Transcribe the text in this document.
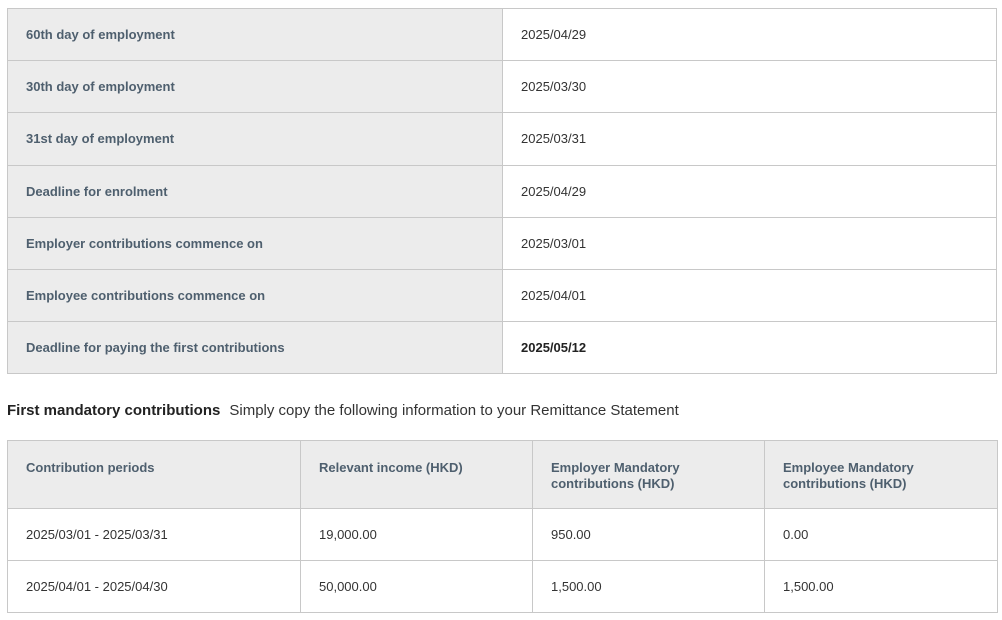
60th day of employment	2025/04/29
30th day of employment	2025/03/30
31st day of employment	2025/03/31
Deadline for enrolment	2025/04/29
Employer contributions commence on	2025/03/01
Employee contributions commence on	2025/04/01
Deadline for paying the first contributions	2025/05/12
First mandatory contributions Simply copy the following information to your Remittance Statement
Contribution periods	Relevant income (HKD)	Employer Mandatory contributions (HKD)	Employee Mandatory contributions (HKD)
2025/03/01 - 2025/03/31	19,000.00	950.00	0.00
2025/04/01 - 2025/04/30	50,000.00	1,500.00	1,500.00
